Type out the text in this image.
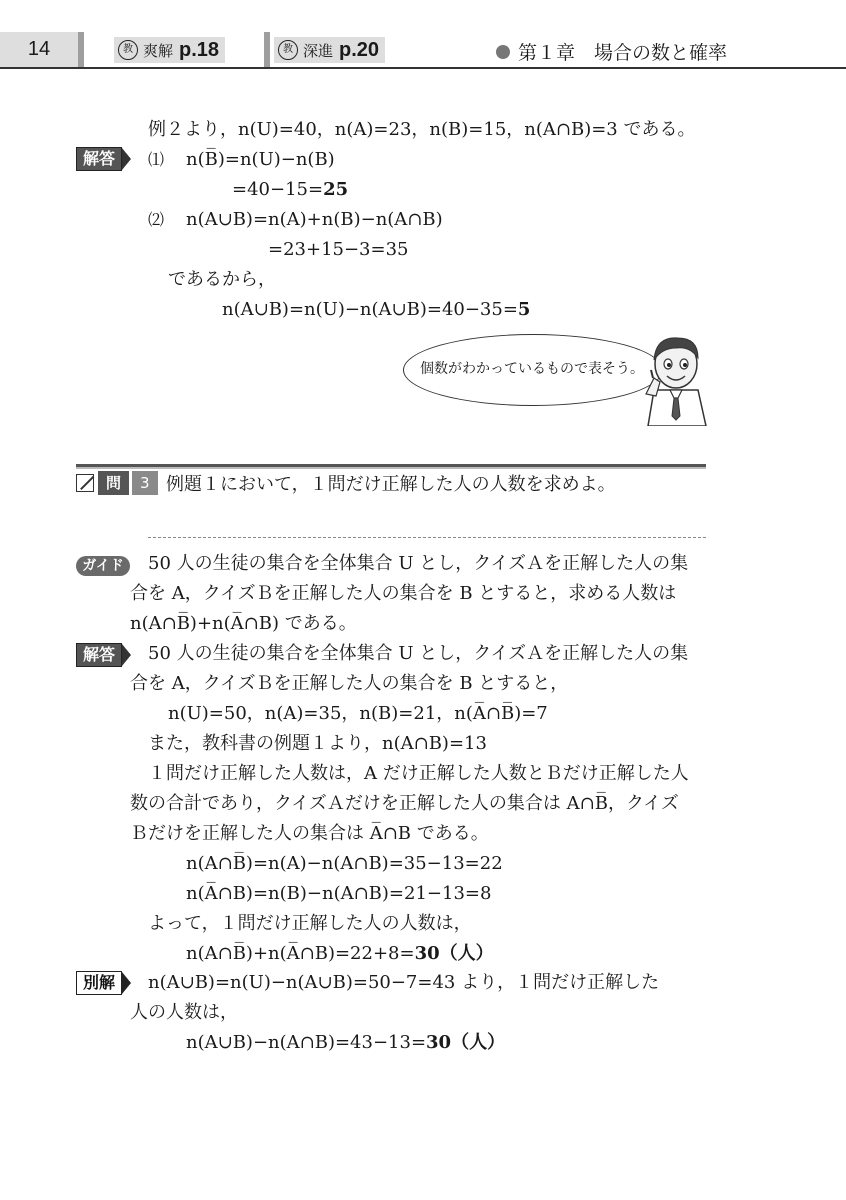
14	教 爽解 p.18	教 深進 p.20	第１章　場合の数と確率
例２より，n(U)=40，n(A)=23，n(B)=15，n(A∩B)=3 である。
解答	⑴ n(B̅)=n(U)−n(B)
=40−15=25
⑵ n(A∪B)=n(A)+n(B)−n(A∩B)
=23+15−3=35
であるから，
n(A∪B)=n(U)−n(A∪B)=40−35=5
個数がわかっているもので表そう。
問	3 例題１において，１問だけ正解した人の人数を求めよ。
ガイド	50 人の生徒の集合を全体集合 U とし，クイズＡを正解した人の集
合を A，クイズＢを正解した人の集合を B とすると，求める人数は
n(A∩B̅)+n(A̅∩B) である。
解答	50 人の生徒の集合を全体集合 U とし，クイズＡを正解した人の集
合を A，クイズＢを正解した人の集合を B とすると，
n(U)=50，n(A)=35，n(B)=21，n(A̅∩B̅)=7
また，教科書の例題１より，n(A∩B)=13
１問だけ正解した人数は，A だけ正解した人数とＢだけ正解した人
数の合計であり，クイズＡだけを正解した人の集合は A∩B̅，クイズ
Ｂだけを正解した人の集合は A̅∩B である。
n(A∩B̅)=n(A)−n(A∩B)=35−13=22
n(A̅∩B)=n(B)−n(A∩B)=21−13=8
よって，１問だけ正解した人の人数は，
n(A∩B̅)+n(A̅∩B)=22+8=30（人）
別解	n(A∪B)=n(U)−n(A∪B)=50−7=43 より，１問だけ正解した
人の人数は，
n(A∪B)−n(A∩B)=43−13=30（人）
